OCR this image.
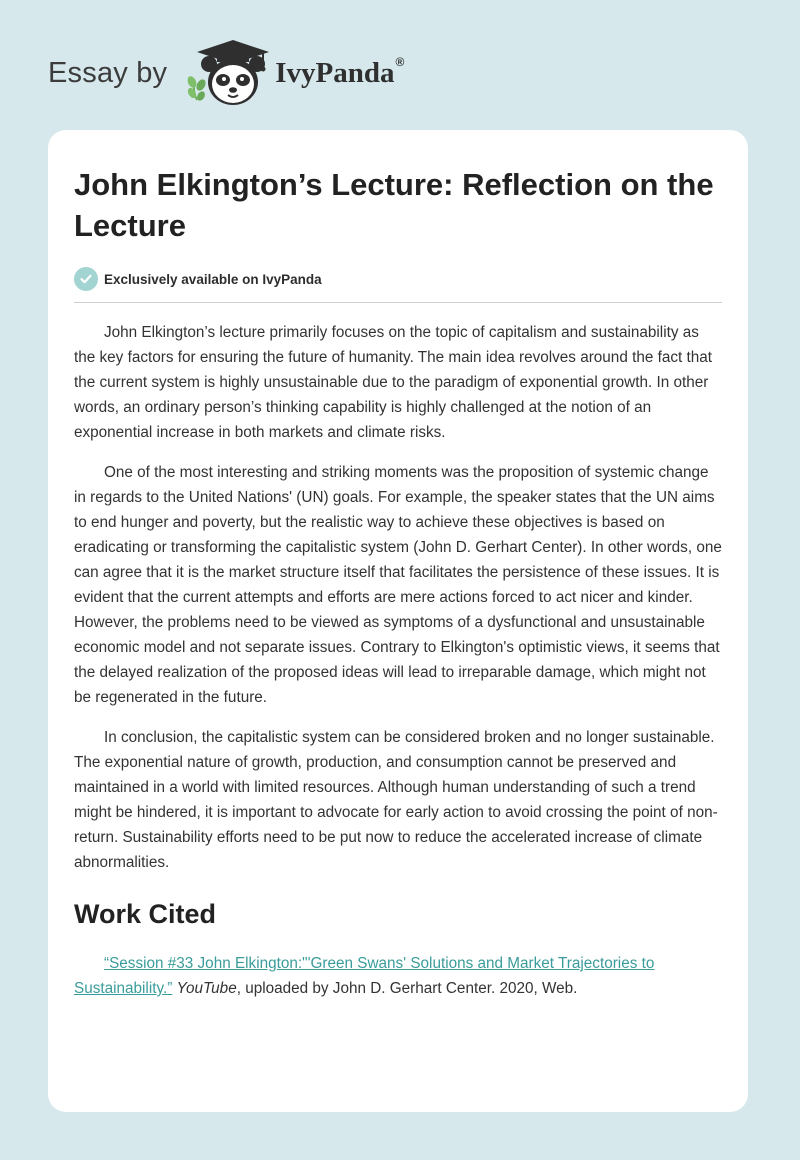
Essay by	IvyPanda ®
John Elkington’s Lecture: Reflection on the Lecture
Exclusively available on IvyPanda

John Elkington’s lecture primarily focuses on the topic of capitalism and sustainability as the key factors for ensuring the future of humanity. The main idea revolves around the fact that the current system is highly unsustainable due to the paradigm of exponential growth. In other words, an ordinary person’s thinking capability is highly challenged at the notion of an exponential increase in both markets and climate risks.

One of the most interesting and striking moments was the proposition of systemic change in regards to the United Nations' (UN) goals. For example, the speaker states that the UN aims to end hunger and poverty, but the realistic way to achieve these objectives is based on eradicating or transforming the capitalistic system (John D. Gerhart Center). In other words, one can agree that it is the market structure itself that facilitates the persistence of these issues. It is evident that the current attempts and efforts are mere actions forced to act nicer and kinder. However, the problems need to be viewed as symptoms of a dysfunctional and unsustainable economic model and not separate issues. Contrary to Elkington's optimistic views, it seems that the delayed realization of the proposed ideas will lead to irreparable damage, which might not be regenerated in the future.

In conclusion, the capitalistic system can be considered broken and no longer sustainable. The exponential nature of growth, production, and consumption cannot be preserved and maintained in a world with limited resources. Although human understanding of such a trend might be hindered, it is important to advocate for early action to avoid crossing the point of non-return. Sustainability efforts need to be put now to reduce the accelerated increase of climate abnormalities.

Work Cited

“Session #33 John Elkington:"'Green Swans' Solutions and Market Trajectories to Sustainability.” YouTube, uploaded by John D. Gerhart Center. 2020, Web.
